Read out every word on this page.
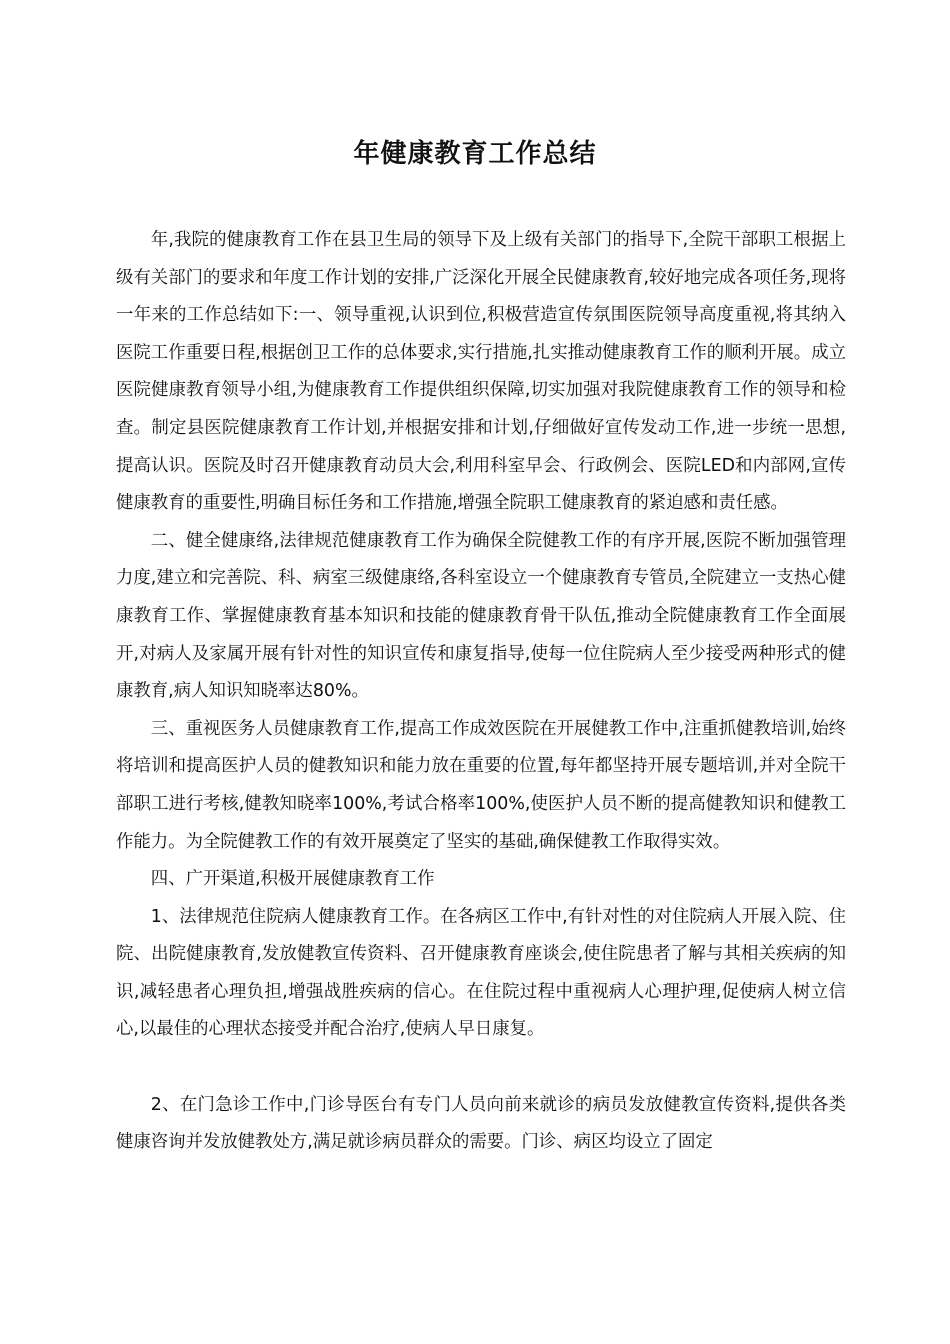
年健康教育工作总结

年,我院的健康教育工作在县卫生局的领导下及上级有关部门的指导下,全院干部职工根据上级有关部门的要求和年度工作计划的安排,广泛深化开展全民健康教育,较好地完成各项任务,现将一年来的工作总结如下:一、领导重视,认识到位,积极营造宣传氛围医院领导高度重视,将其纳入医院工作重要日程,根据创卫工作的总体要求,实行措施,扎实推动健康教育工作的顺利开展。成立医院健康教育领导小组,为健康教育工作提供组织保障,切实加强对我院健康教育工作的领导和检查。制定县医院健康教育工作计划,并根据安排和计划,仔细做好宣传发动工作,进一步统一思想,提高认识。医院及时召开健康教育动员大会,利用科室早会、行政例会、医院LED和内部网,宣传健康教育的重要性,明确目标任务和工作措施,增强全院职工健康教育的紧迫感和责任感。

二、健全健康络,法律规范健康教育工作为确保全院健教工作的有序开展,医院不断加强管理力度,建立和完善院、科、病室三级健康络,各科室设立一个健康教育专管员,全院建立一支热心健康教育工作、掌握健康教育基本知识和技能的健康教育骨干队伍,推动全院健康教育工作全面展开,对病人及家属开展有针对性的知识宣传和康复指导,使每一位住院病人至少接受两种形式的健康教育,病人知识知晓率达80%。

三、重视医务人员健康教育工作,提高工作成效医院在开展健教工作中,注重抓健教培训,始终将培训和提高医护人员的健教知识和能力放在重要的位置,每年都坚持开展专题培训,并对全院干部职工进行考核,健教知晓率100%,考试合格率100%,使医护人员不断的提高健教知识和健教工作能力。为全院健教工作的有效开展奠定了坚实的基础,确保健教工作取得实效。

四、广开渠道,积极开展健康教育工作

1、法律规范住院病人健康教育工作。在各病区工作中,有针对性的对住院病人开展入院、住院、出院健康教育,发放健教宣传资料、召开健康教育座谈会,使住院患者了解与其相关疾病的知识,减轻患者心理负担,增强战胜疾病的信心。在住院过程中重视病人心理护理,促使病人树立信心,以最佳的心理状态接受并配合治疗,使病人早日康复。

2、在门急诊工作中,门诊导医台有专门人员向前来就诊的病员发放健教宣传资料,提供各类健康咨询并发放健教处方,满足就诊病员群众的需要。门诊、病区均设立了固定
